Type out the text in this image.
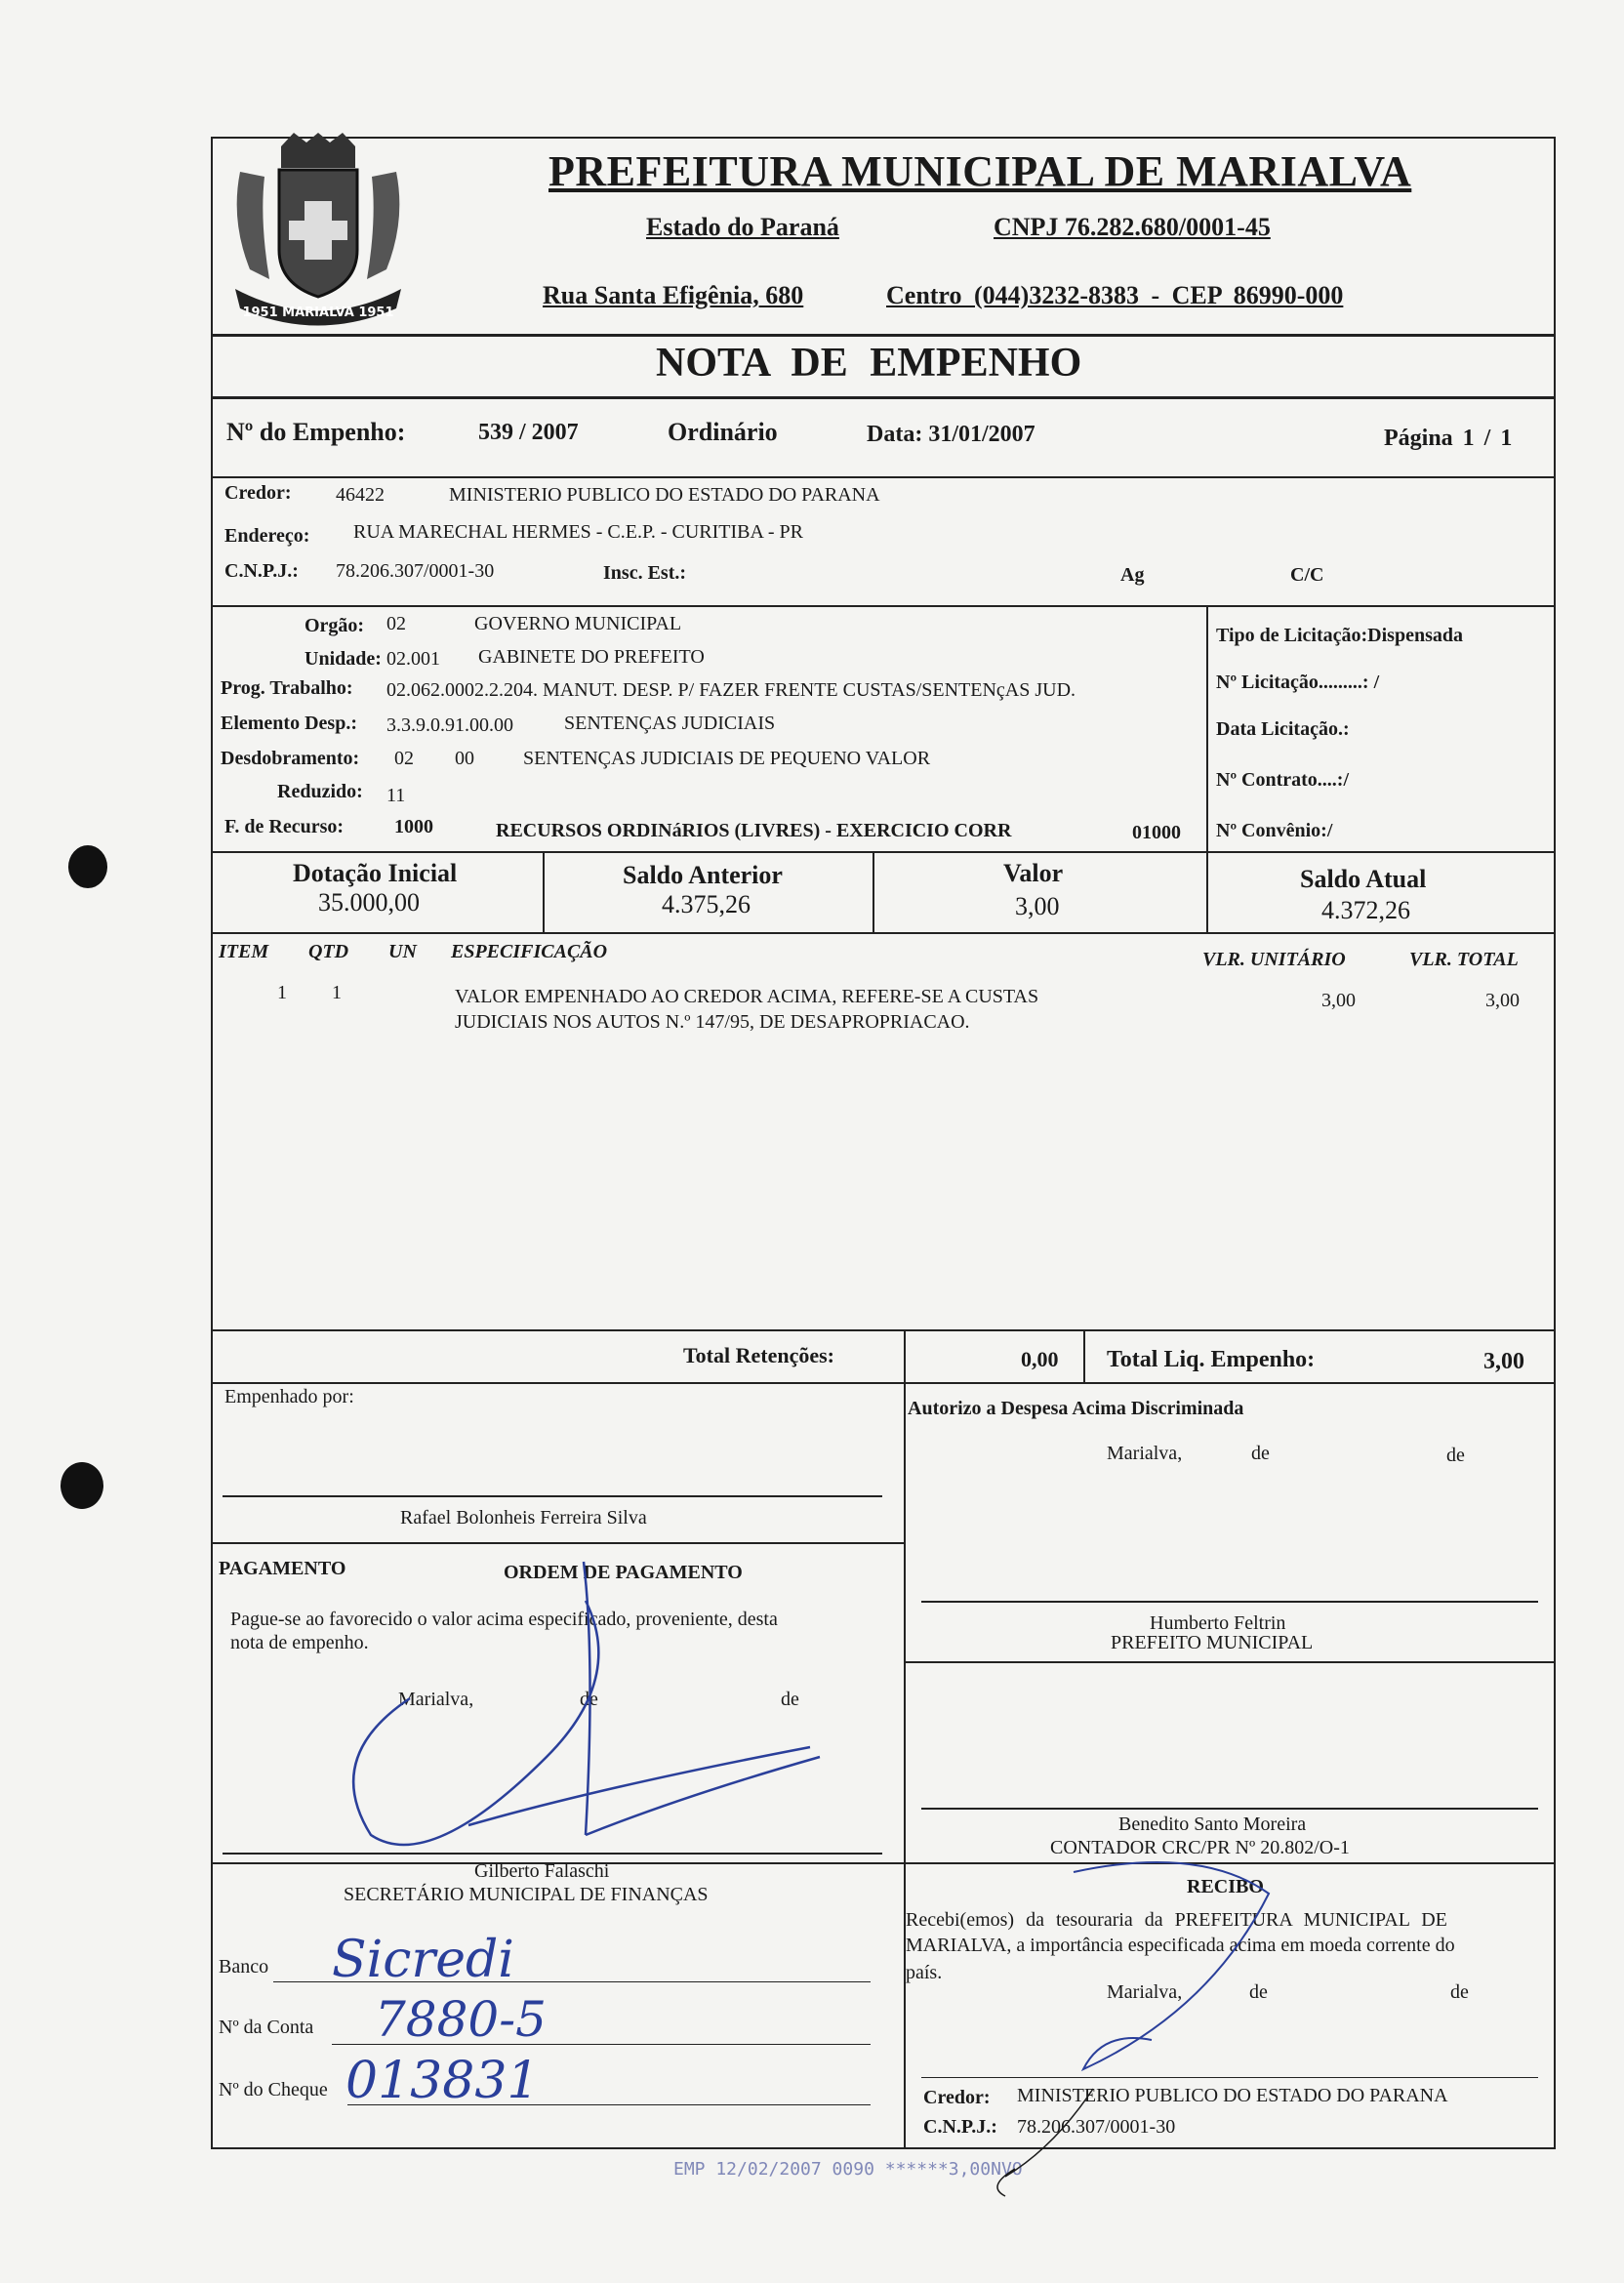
1951 MARIALVA 1951
PREFEITURA MUNICIPAL DE MARIALVA
Estado do Paraná	CNPJ 76.282.680/0001-45
Rua Santa Efigênia, 680	Centro (044)3232-8383 - CEP 86990-000
NOTA DE EMPENHO
Nº do Empenho:	539 / 2007	Ordinário	Data: 31/01/2007	Página 1 / 1
Credor: 46422	MINISTERIO PUBLICO DO ESTADO DO PARANA
Endereço: RUA MARECHAL HERMES - C.E.P. - CURITIBA - PR
C.N.P.J.: 78.206.307/0001-30	Insc. Est.:	Ag	C/C
Orgão: 02	GOVERNO MUNICIPAL
Unidade: 02.001 GABINETE DO PREFEITO
Prog. Trabalho: 02.062.0002.2.204. MANUT. DESP. P/ FAZER FRENTE CUSTAS/SENTENçAS JUD.
Elemento Desp.: 3.3.9.0.91.00.00	SENTENÇAS JUDICIAIS
Desdobramento: 02 00	SENTENÇAS JUDICIAIS DE PEQUENO VALOR
Reduzido: 11
F. de Recurso:	1000	RECURSOS ORDINáRIOS (LIVRES) - EXERCICIO CORR	01000
Tipo de Licitação:Dispensada
Nº Licitação.........: /
Data Licitação.:
Nº Contrato....:/
Nº Convênio:/
Dotação Inicial
35.000,00
Saldo Anterior
4.375,26
Valor
3,00
Saldo Atual
4.372,26
ITEM QTD UN ESPECIFICAÇÃO	VLR. UNITÁRIO	VLR. TOTAL
1 1	VALOR EMPENHADO AO CREDOR ACIMA, REFERE-SE A CUSTAS
JUDICIAIS NOS AUTOS N.º 147/95, DE DESAPROPRIACAO.
3,00	3,00
Total Retenções:	0,00 Total Liq. Empenho:	3,00
Empenhado por:
Rafael Bolonheis Ferreira Silva
Autorizo a Despesa Acima Discriminada
Marialva,	de	de
Humberto Feltrin
PREFEITO MUNICIPAL
PAGAMENTO	ORDEM DE PAGAMENTO
Pague-se ao favorecido o valor acima especificado, proveniente, desta
nota de empenho.
Marialva,	de	de
Gilberto Falaschi
SECRETÁRIO MUNICIPAL DE FINANÇAS
Banco Sicredi
Nº da Conta 7880-5
Nº do Cheque 013831
Benedito Santo Moreira
CONTADOR CRC/PR Nº 20.802/O-1
RECIBO
Recebi(emos) da tesouraria da PREFEITURA MUNICIPAL DE
MARIALVA, a importância especificada acima em moeda corrente do
país.
Marialva,	de	de
Credor: MINISTERIO PUBLICO DO ESTADO DO PARANA
C.N.P.J.: 78.206.307/0001-30
EMP 12/02/2007 0090 ******3,00NVO
